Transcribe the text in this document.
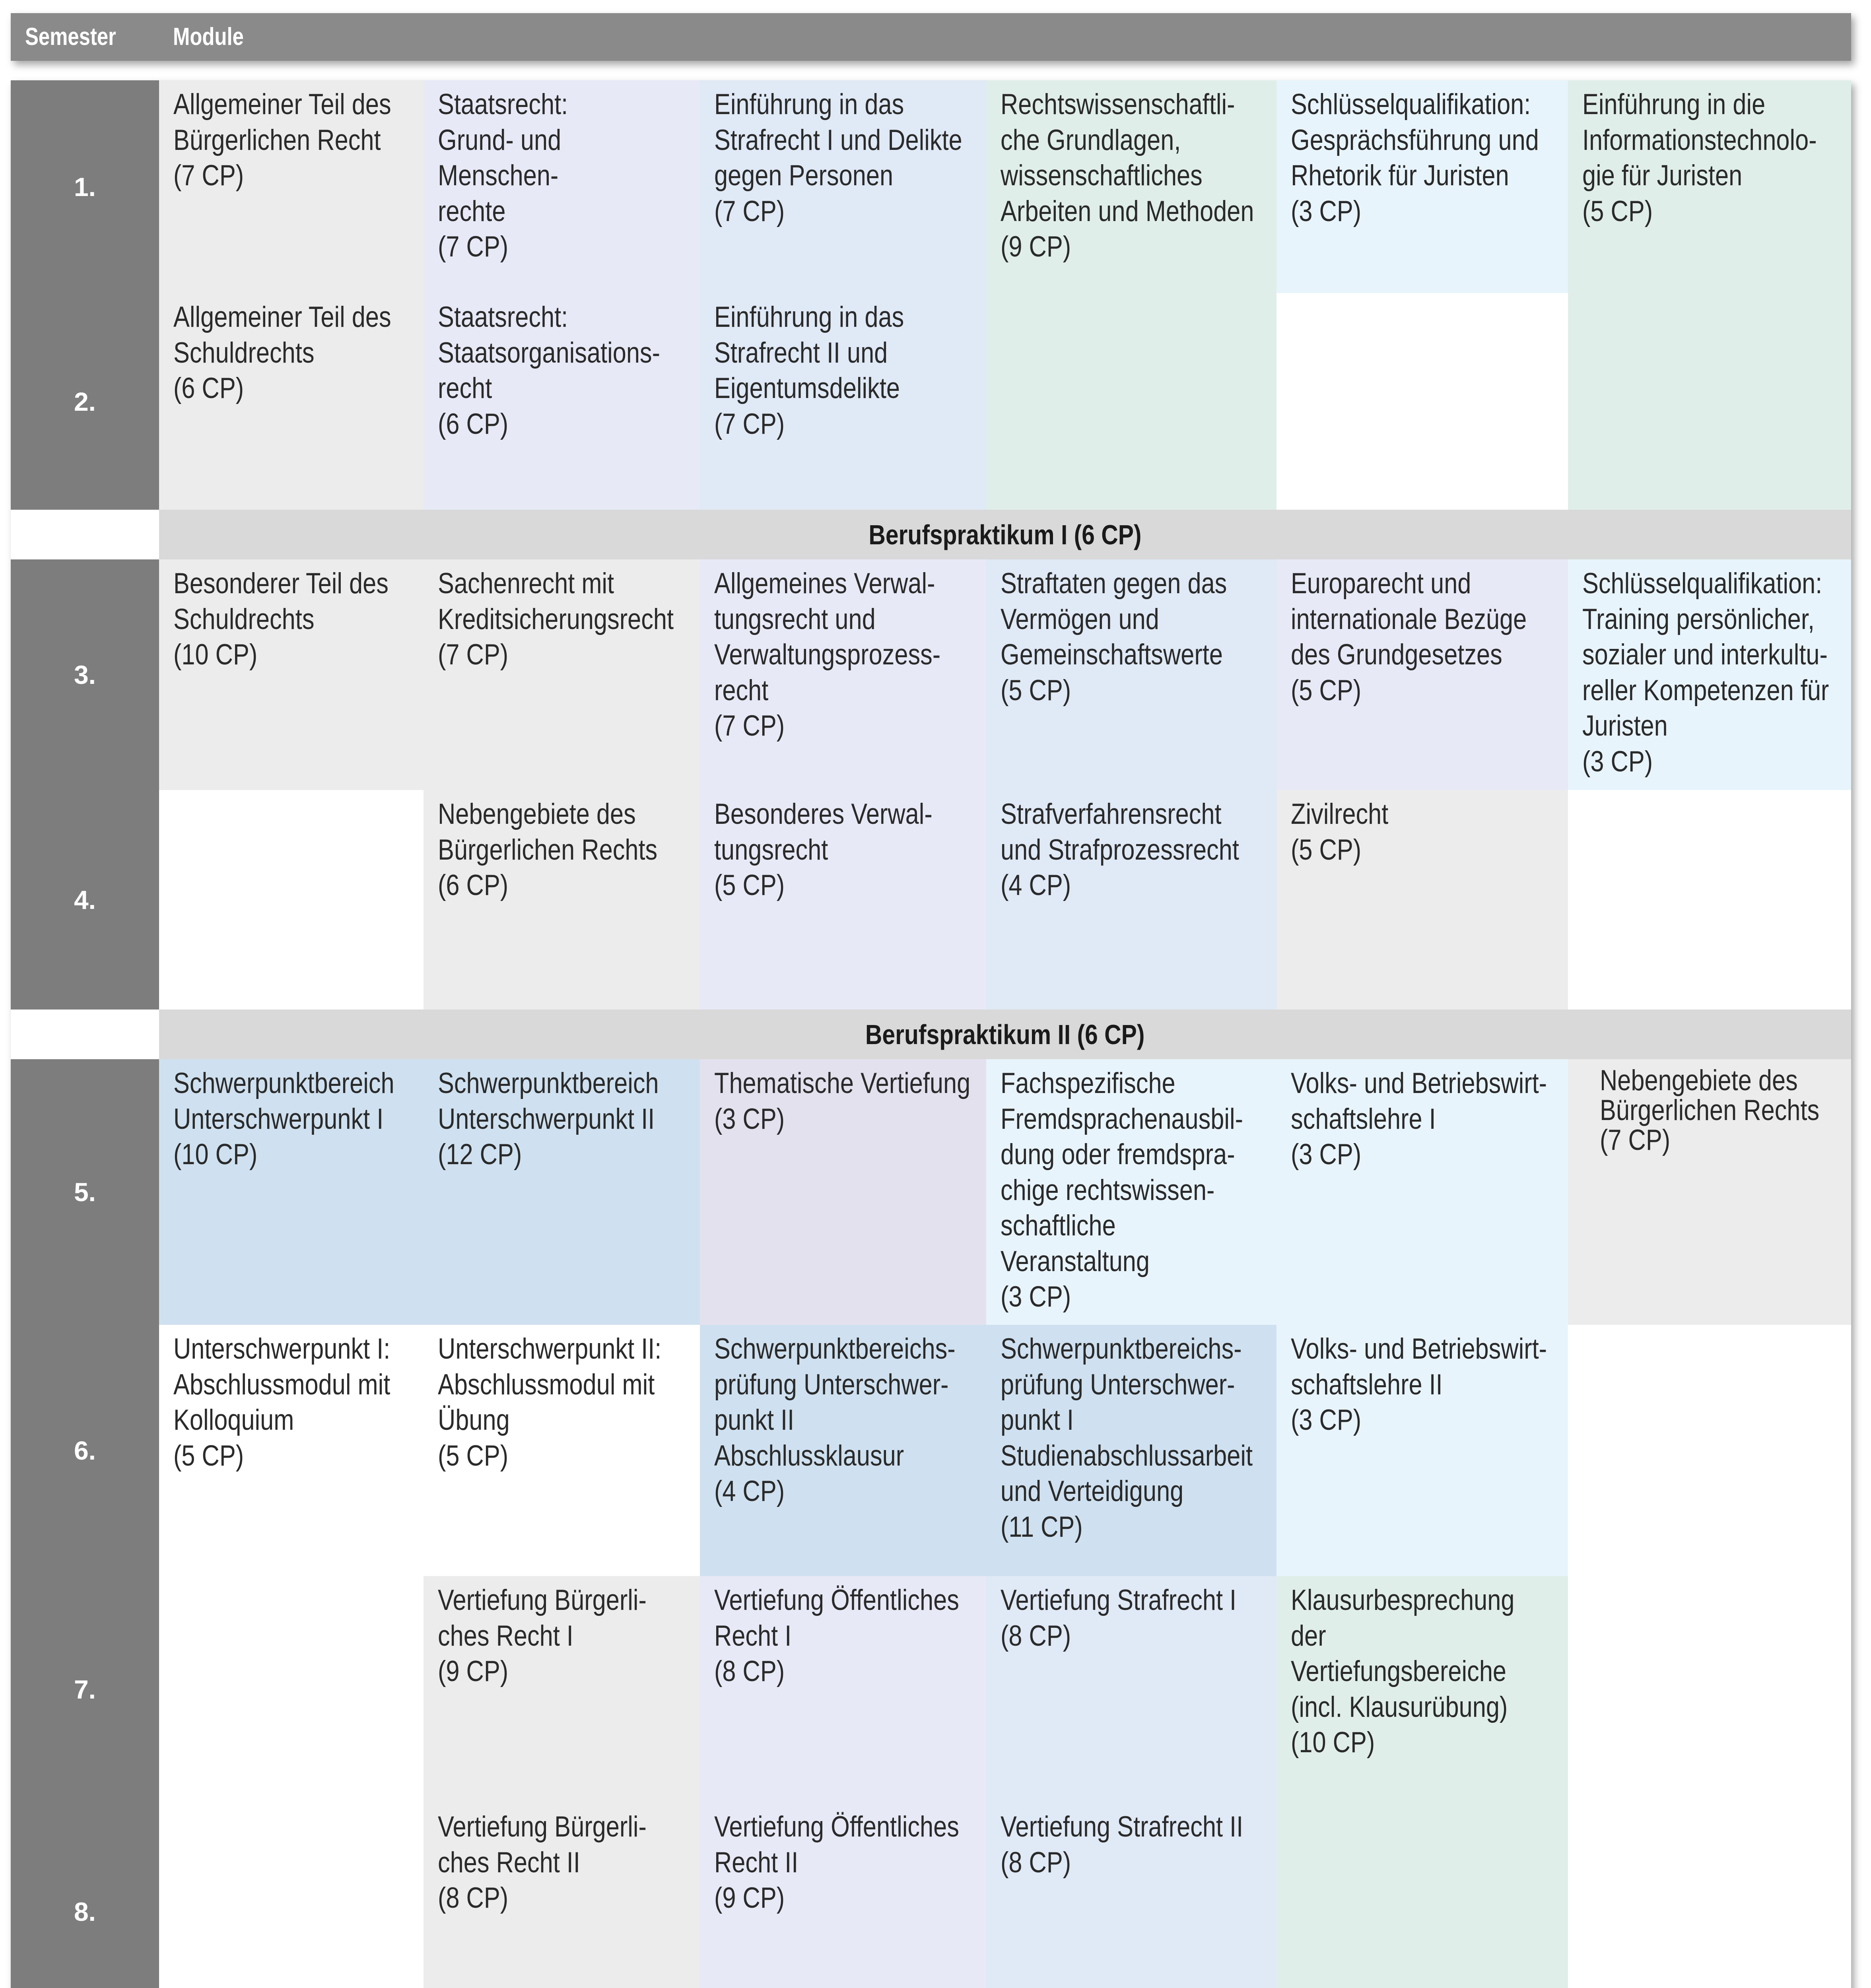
Semester Module
1.
2.
3.
4.
5.
6.
7.
8.
Allgemeiner Teil des
Bürgerlichen Recht
(7 CP)
Staatsrecht:
Grund- und Menschen-
rechte
(7 CP)
Einführung in das
Strafrecht I und Delikte
gegen Personen
(7 CP)
Rechtswissenschaftli-
che Grundlagen,
wissenschaftliches
Arbeiten und Methoden
(9 CP)
Schlüsselqualifikation:
Gesprächsführung und
Rhetorik für Juristen
(3 CP)
Einführung in die
Informationstechnolo-
gie für Juristen
(5 CP)
Allgemeiner Teil des
Schuldrechts
(6 CP)
Staatsrecht:
Staatsorganisations-
recht
(6 CP)
Einführung in das
Strafrecht II und
Eigentumsdelikte
(7 CP)
Berufspraktikum I (6 CP)
Besonderer Teil des
Schuldrechts
(10 CP)
Sachenrecht mit
Kreditsicherungsrecht
(7 CP)
Allgemeines Verwal-
tungsrecht und
Verwaltungsprozess-
recht
(7 CP)
Straftaten gegen das
Vermögen und
Gemeinschaftswerte
(5 CP)
Europarecht und
internationale Bezüge
des Grundgesetzes
(5 CP)
Schlüsselqualifikation:
Training persönlicher,
sozialer und interkultu-
reller Kompetenzen für
Juristen
(3 CP)
Nebengebiete des
Bürgerlichen Rechts
(6 CP)
Besonderes Verwal-
tungsrecht
(5 CP)
Strafverfahrensrecht
und Strafprozessrecht
(4 CP)
Zivilrecht
(5 CP)
Berufspraktikum II (6 CP)
Schwerpunktbereich
Unterschwerpunkt I
(10 CP)
Schwerpunktbereich
Unterschwerpunkt II
(12 CP)
Thematische Vertiefung
(3 CP)
Fachspezifische
Fremdsprachenausbil-
dung oder fremdspra-
chige rechtswissen-
schaftliche
Veranstaltung
(3 CP)
Volks- und Betriebswirt-
schaftslehre I
(3 CP)
Nebengebiete des
Bürgerlichen Rechts
(7 CP)
Unterschwerpunkt I:
Abschlussmodul mit
Kolloquium
(5 CP)
Unterschwerpunkt II:
Abschlussmodul mit
Übung
(5 CP)
Schwerpunktbereichs-
prüfung Unterschwer-
punkt II
Abschlussklausur
(4 CP)
Schwerpunktbereichs-
prüfung Unterschwer-
punkt I
Studienabschlussarbeit
und Verteidigung
(11 CP)
Volks- und Betriebswirt-
schaftslehre II
(3 CP)
Vertiefung Bürgerli-
ches Recht I
(9 CP)
Vertiefung Öffentliches
Recht I
(8 CP)
Vertiefung Strafrecht I
(8 CP)
Klausurbesprechung der
Vertiefungsbereiche
(incl. Klausurübung)
(10 CP)
Vertiefung Bürgerli-
ches Recht II
(8 CP)
Vertiefung Öffentliches
Recht II
(9 CP)
Vertiefung Strafrecht II
(8 CP)
